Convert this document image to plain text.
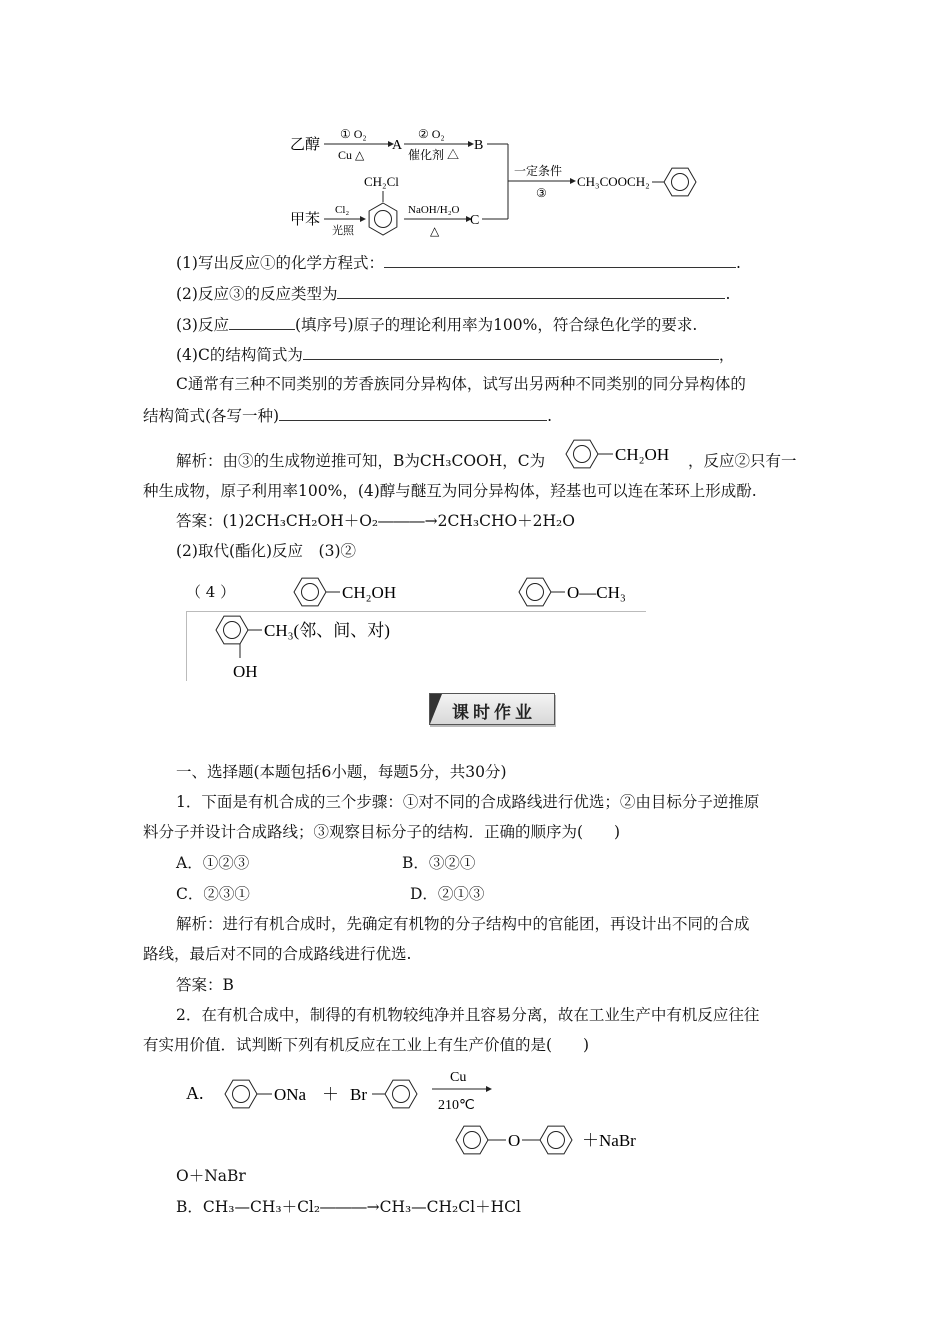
乙醇
① O₂
Cu △
A
② O₂
催化剂 △
B
一定条件
③
CH₃COOCH₂
甲苯
Cl₂
光照
CH₂Cl
NaOH/H₂O
△
C
(1)写出反应①的化学方程式：	.
(2)反应③的反应类型为	.
(3)反应	(填序号)原子的理论利用率为100%，符合绿色化学的要求.
(4)C的结构简式为	，
C通常有三种不同类别的芳香族同分异构体，试写出另两种不同类别的同分异构体的
结构简式(各写一种)	.
解析：由③的生成物逆推可知，B为CH₃COOH，C为	CH₂OH ，反应②只有一
种生成物，原子利用率100%，(4)醇与醚互为同分异构体，羟基也可以连在苯环上形成酚.
答案：(1)2CH₃CH₂OH＋O₂―――→2CH₃CHO＋2H₂O
(2)取代(酯化)反应　(3)②
（ 4 ）	CH₂OH	O—CH₃
CH₃(邻、间、对)
OH
课时作业
一、选择题(本题包括6小题，每题5分，共30分)
1．下面是有机合成的三个步骤：①对不同的合成路线进行优选；②由目标分子逆推原
料分子并设计合成路线；③观察目标分子的结构．正确的顺序为(　　)
A．①②③	B．③②①
C．②③①	D．②①③
解析：进行有机合成时，先确定有机物的分子结构中的官能团，再设计出不同的合成
路线，最后对不同的合成路线进行优选.
答案：B
2．在有机合成中，制得的有机物较纯净并且容易分离，故在工业生产中有机反应往往
有实用价值．试判断下列有机反应在工业上有生产价值的是(　　)
A.	ONa ＋ Br
Cu
210℃
O	＋NaBr
O＋NaBr
B．CH₃—CH₃＋Cl₂―――→CH₃—CH₂Cl＋HCl
